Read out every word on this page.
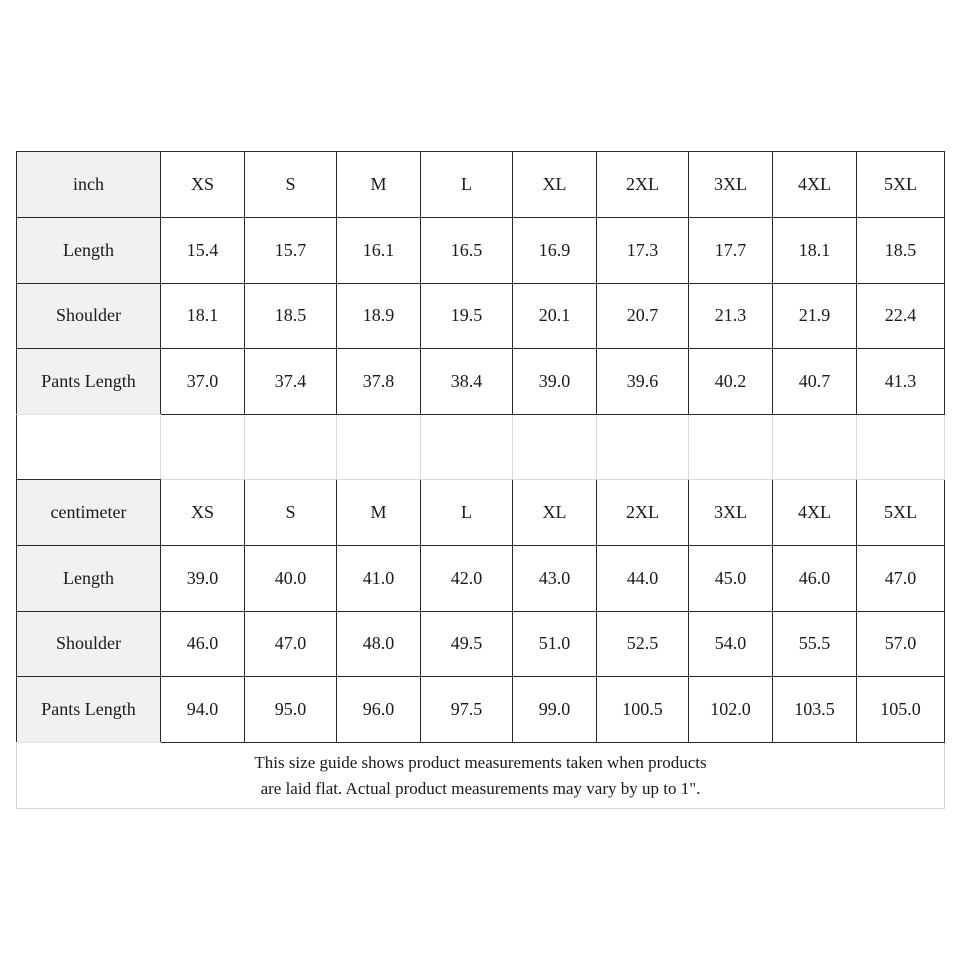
inch	XS	S	M	L	XL	2XL	3XL	4XL	5XL
Length	15.4	15.7	16.1	16.5	16.9	17.3	17.7	18.1	18.5
Shoulder	18.1	18.5	18.9	19.5	20.1	20.7	21.3	21.9	22.4
Pants Length	37.0	37.4	37.8	38.4	39.0	39.6	40.2	40.7	41.3

centimeter	XS	S	M	L	XL	2XL	3XL	4XL	5XL
Length	39.0	40.0	41.0	42.0	43.0	44.0	45.0	46.0	47.0
Shoulder	46.0	47.0	48.0	49.5	51.0	52.5	54.0	55.5	57.0
Pants Length	94.0	95.0	96.0	97.5	99.0	100.5	102.0	103.5	105.0

This size guide shows product measurements taken when products
are laid flat. Actual product measurements may vary by up to 1".									
